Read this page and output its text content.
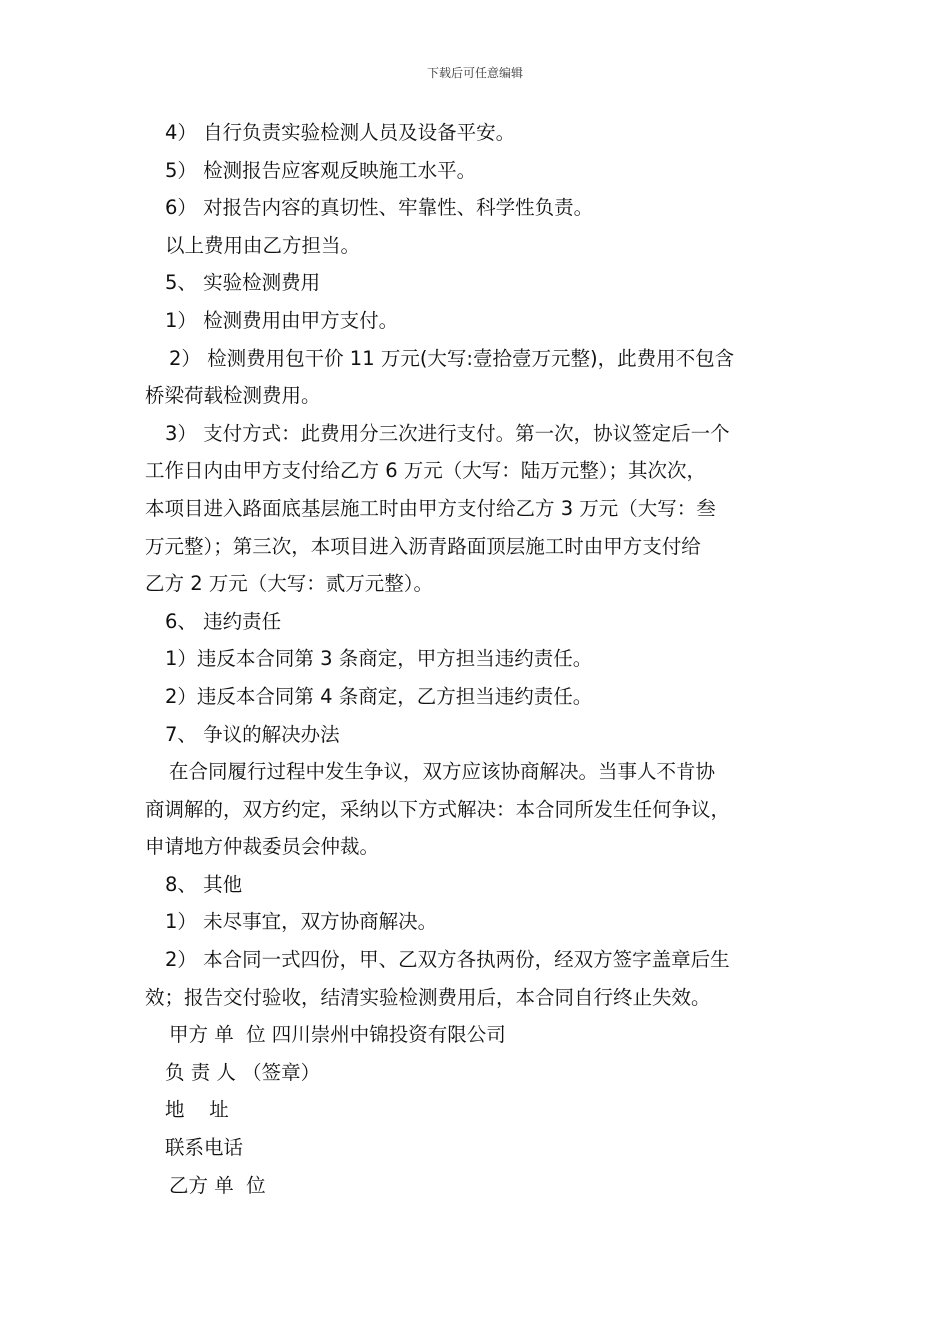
下载后可任意编辑

4） 自行负责实验检测人员及设备平安。

5） 检测报告应客观反映施工水平。

6） 对报告内容的真切性、牢靠性、科学性负责。

以上费用由乙方担当。

5、 实验检测费用

1） 检测费用由甲方支付。

2） 检测费用包干价 11 万元(大写:壹拾壹万元整)，此费用不包含

桥梁荷载检测费用。

3） 支付方式：此费用分三次进行支付。第一次，协议签定后一个

工作日内由甲方支付给乙方 6 万元（大写：陆万元整）；其次次，

本项目进入路面底基层施工时由甲方支付给乙方 3 万元（大写：叁

万元整）；第三次，本项目进入沥青路面顶层施工时由甲方支付给

乙方 2 万元（大写：贰万元整）。

6、 违约责任

1）违反本合同第 3 条商定，甲方担当违约责任。

2）违反本合同第 4 条商定，乙方担当违约责任。

7、 争议的解决办法

在合同履行过程中发生争议，双方应该协商解决。当事人不肯协

商调解的，双方约定，采纳以下方式解决：本合同所发生任何争议，

申请地方仲裁委员会仲裁。

8、 其他

1） 未尽事宜，双方协商解决。

2） 本合同一式四份，甲、乙双方各执两份，经双方签字盖章后生

效；报告交付验收，结清实验检测费用后，本合同自行终止失效。

甲方 单  位 四川崇州中锦投资有限公司

负 责 人 （签章）

地    址

联系电话

乙方 单  位
